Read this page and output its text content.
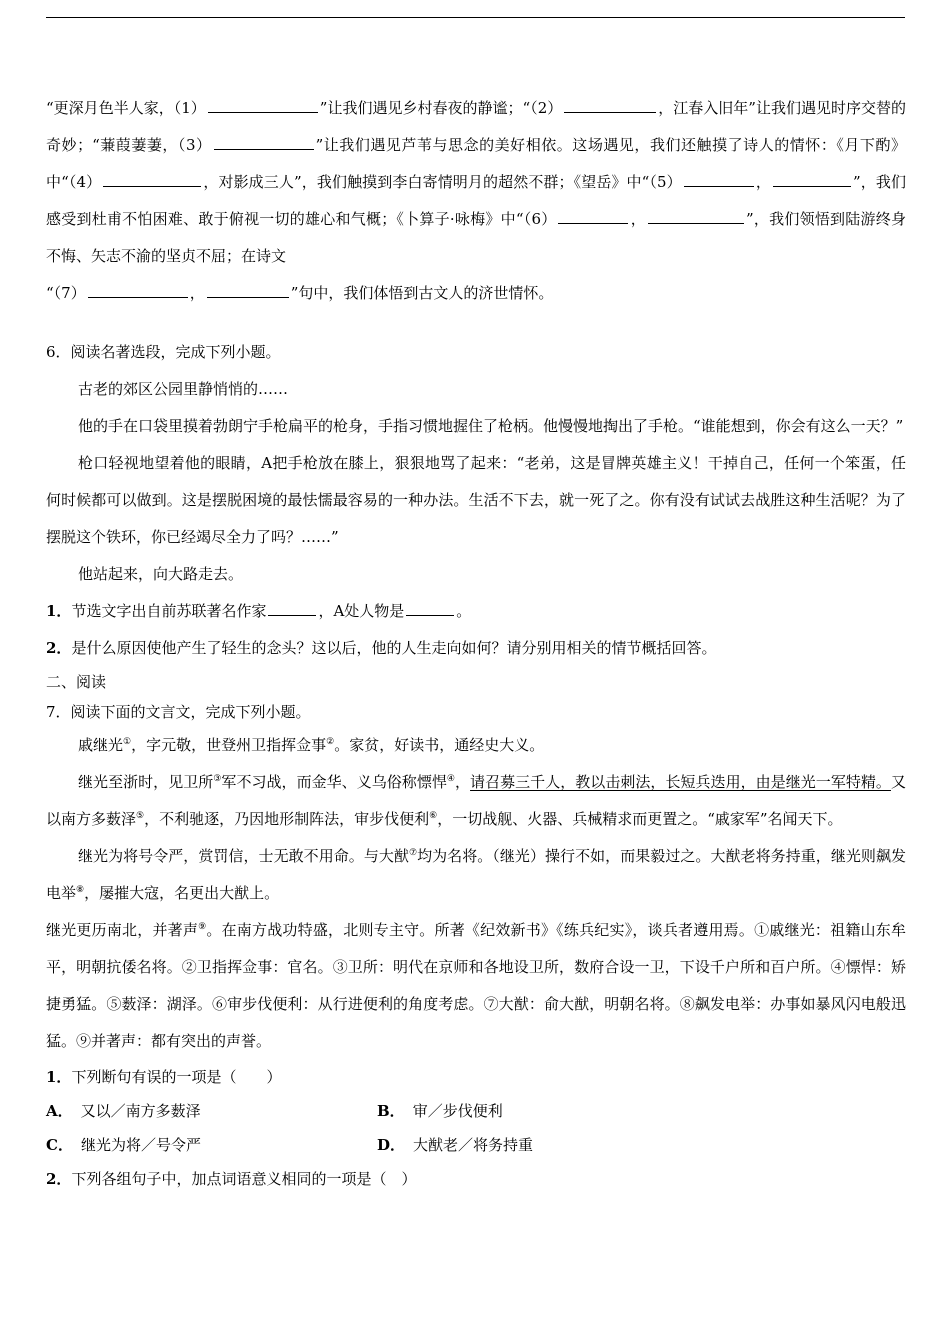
“更深月色半人家，（1）	”让我们遇见乡村春夜的静谧；“（2）	，江春入旧年”让我们遇见时序交替的奇妙；“蒹葭萋萋，（3）	”让我们遇见芦苇与思念的美好相依。这场遇见，我们还触摸了诗人的情怀：《月下酌》中“（4）	，对影成三人”，我们触摸到李白寄情明月的超然不群；《望岳》中“（5）	，	”，我们感受到杜甫不怕困难、敢于俯视一切的雄心和气概；《卜算子·咏梅》中“（6）	，	”，我们领悟到陆游终身不悔、矢志不渝的坚贞不屈；在诗文

“（7）	，	”句中，我们体悟到古文人的济世情怀。

6．阅读名著选段，完成下列小题。

古老的郊区公园里静悄悄的……

他的手在口袋里摸着勃朗宁手枪扁平的枪身，手指习惯地握住了枪柄。他慢慢地掏出了手枪。“谁能想到，你会有这么一天？”

枪口轻视地望着他的眼睛，A把手枪放在膝上，狠狠地骂了起来：“老弟，这是冒牌英雄主义！干掉自己，任何一个笨蛋，任何时候都可以做到。这是摆脱困境的最怯懦最容易的一种办法。生活不下去，就一死了之。你有没有试试去战胜这种生活呢？为了摆脱这个铁环，你已经竭尽全力了吗？……”

他站起来，向大路走去。

1．节选文字出自前苏联著名作家	，A处人物是	。

2．是什么原因使他产生了轻生的念头？这以后，他的人生走向如何？请分别用相关的情节概括回答。

二、阅读

7．阅读下面的文言文，完成下列小题。

戚继光①，字元敬，世登州卫指挥佥事②。家贫，好读书，通经史大义。

继光至浙时，见卫所③军不习战，而金华、义乌俗称慓悍④，请召募三千人，教以击刺法，长短兵迭用，由是继光一军特精。又以南方多薮泽⑤，不利驰逐，乃因地形制阵法，审步伐便利⑥，一切战舰、火器、兵械精求而更置之。“戚家军”名闻天下。

继光为将号令严，赏罚信，士无敢不用命。与大猷⑦均为名将。（继光）操行不如，而果毅过之。大猷老将务持重，继光则飙发电举⑧，屡摧大寇，名更出大猷上。

继光更历南北，并著声⑨。在南方战功特盛，北则专主守。所著《纪效新书》《练兵纪实》，谈兵者遵用焉。①戚继光：祖籍山东牟平，明朝抗倭名将。②卫指挥佥事：官名。③卫所：明代在京师和各地设卫所，数府合设一卫，下设千户所和百户所。④慓悍：矫捷勇猛。⑤薮泽：湖泽。⑥审步伐便利：从行进便利的角度考虑。⑦大猷：俞大猷，明朝名将。⑧飙发电举：办事如暴风闪电般迅猛。⑨并著声：都有突出的声誉。

1．下列断句有误的一项是（　　）

A． 又以／南方多薮泽	B． 审／步伐便利
C． 继光为将／号令严	D． 大猷老／将务持重

2．下列各组句子中，加点词语意义相同的一项是（　）
